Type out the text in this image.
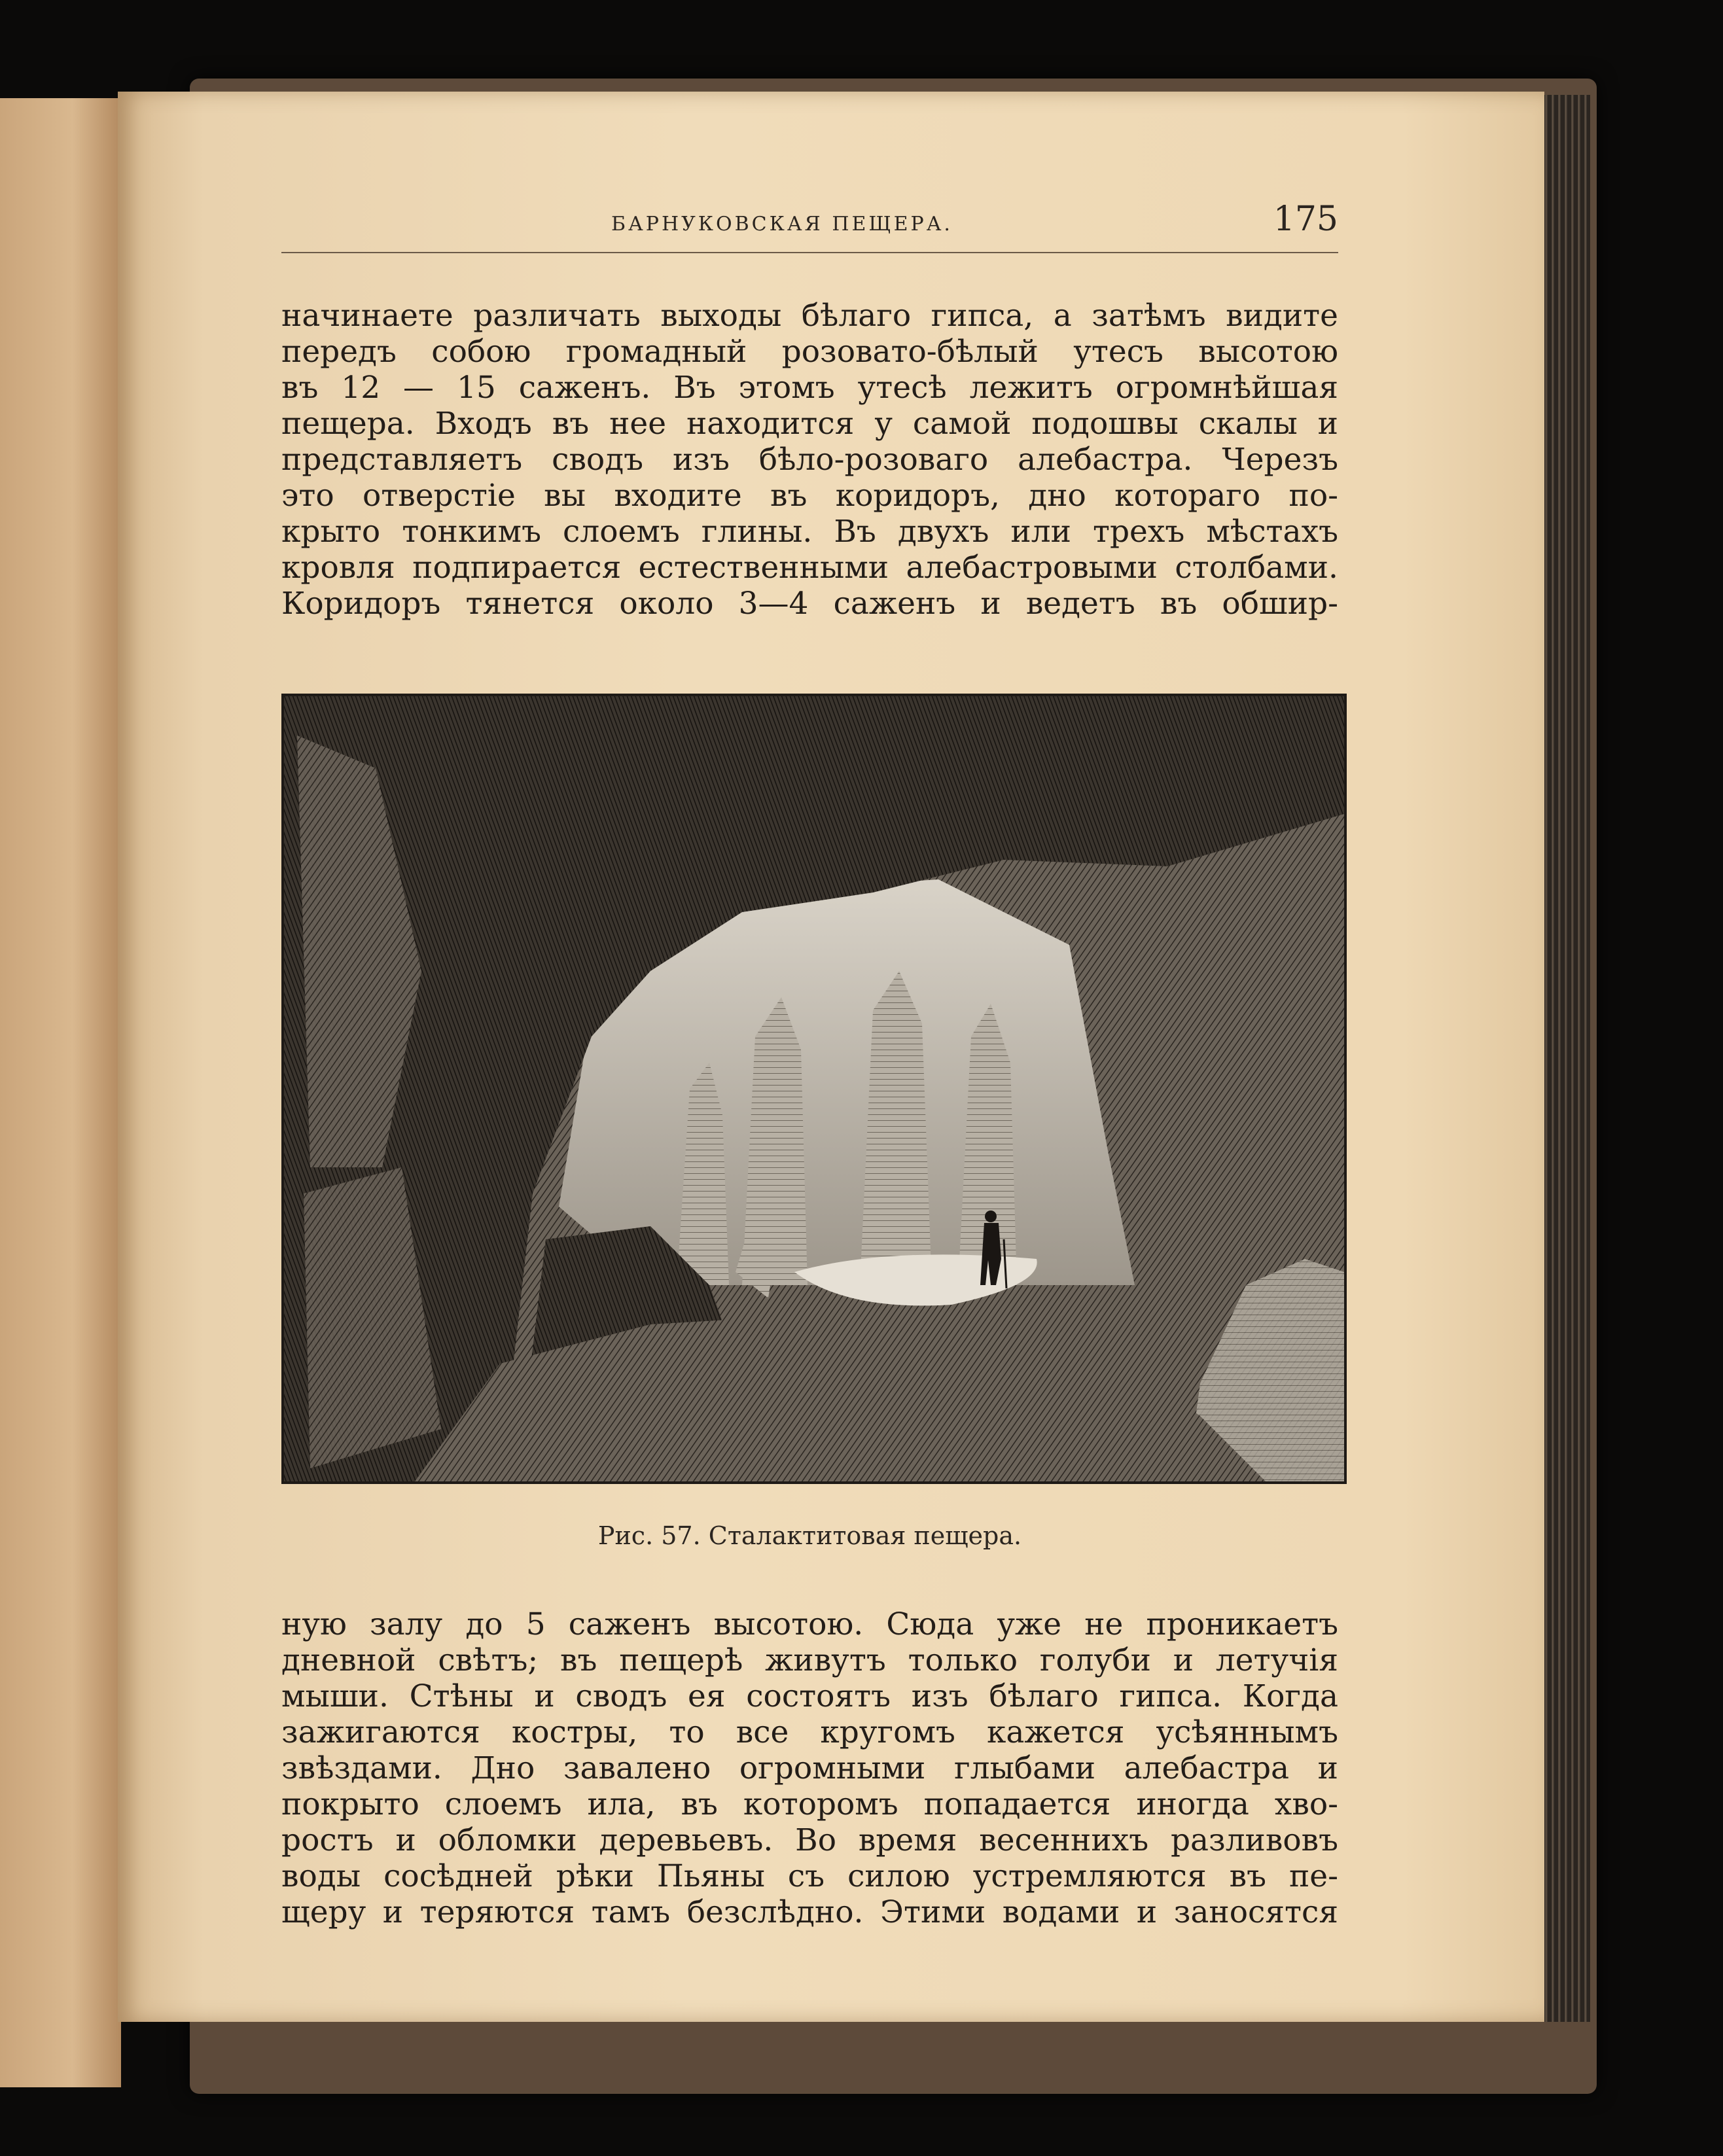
БАРНУКОВСКАЯ ПЕЩЕРА.	175
начинаете различать выходы бѣлаго гипса, а затѣмъ видите
передъ собою громадный розовато-бѣлый утесъ высотою
въ 12 — 15 саженъ. Въ этомъ утесѣ лежитъ огромнѣйшая
пещера. Входъ въ нее находится у самой подошвы скалы и
представляетъ сводъ изъ бѣло-розоваго алебастра. Черезъ
это отверстіе вы входите въ коридоръ, дно котораго по-
крыто тонкимъ слоемъ глины. Въ двухъ или трехъ мѣстахъ
кровля подпирается естественными алебастровыми столбами.
Коридоръ тянется около 3—4 саженъ и ведетъ въ обшир-

Рис. 57. Сталактитовая пещера.

ную залу до 5 саженъ высотою. Сюда уже не проникаетъ
дневной свѣтъ; въ пещерѣ живутъ только голуби и летучія
мыши. Стѣны и сводъ ея состоятъ изъ бѣлаго гипса. Когда
зажигаются костры, то все кругомъ кажется усѣяннымъ
звѣздами. Дно завалено огромными глыбами алебастра и
покрыто слоемъ ила, въ которомъ попадается иногда хво-
ростъ и обломки деревьевъ. Во время весеннихъ разливовъ
воды сосѣдней рѣки Пьяны съ силою устремляются въ пе-
щеру и теряются тамъ безслѣдно. Этими водами и заносятся
